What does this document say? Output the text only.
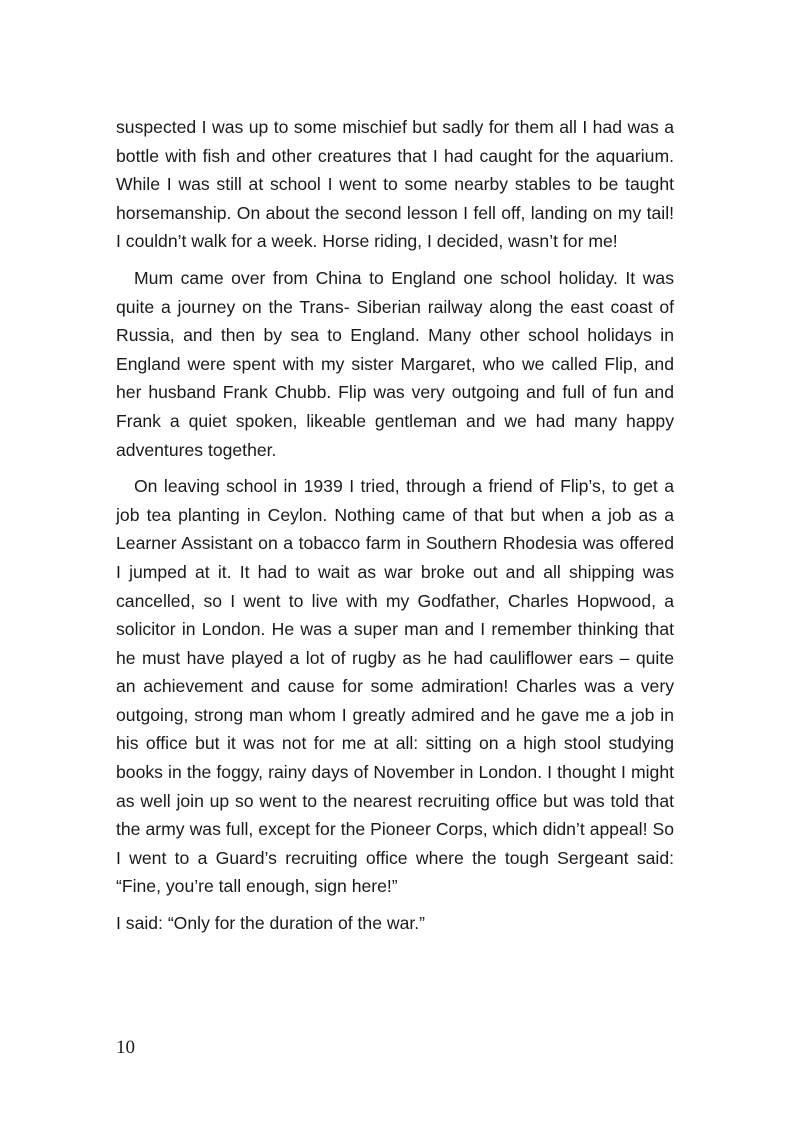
suspected I was up to some mischief but sadly for them all I had was a bottle with fish and other creatures that I had caught for the aquarium. While I was still at school I went to some nearby stables to be taught horsemanship. On about the second lesson I fell off, landing on my tail! I couldn’t walk for a week. Horse riding, I decided, wasn’t for me!

Mum came over from China to England one school holiday. It was quite a journey on the Trans- Siberian railway along the east coast of Russia, and then by sea to England. Many other school holidays in England were spent with my sister Margaret, who we called Flip, and her husband Frank Chubb. Flip was very outgoing and full of fun and Frank a quiet spoken, likeable gentleman and we had many happy adventures together.

On leaving school in 1939 I tried, through a friend of Flip’s, to get a job tea planting in Ceylon. Nothing came of that but when a job as a Learner Assistant on a tobacco farm in Southern Rhodesia was offered I jumped at it. It had to wait as war broke out and all shipping was cancelled, so I went to live with my Godfather, Charles Hopwood, a solicitor in London. He was a super man and I remember thinking that he must have played a lot of rugby as he had cauliflower ears – quite an achievement and cause for some admiration! Charles was a very outgoing, strong man whom I greatly admired and he gave me a job in his office but it was not for me at all: sitting on a high stool studying books in the foggy, rainy days of November in London. I thought I might as well join up so went to the nearest recruiting office but was told that the army was full, except for the Pioneer Corps, which didn’t appeal! So I went to a Guard’s recruiting office where the tough Sergeant said: “Fine, you’re tall enough, sign here!”

I said: “Only for the duration of the war.”

10
